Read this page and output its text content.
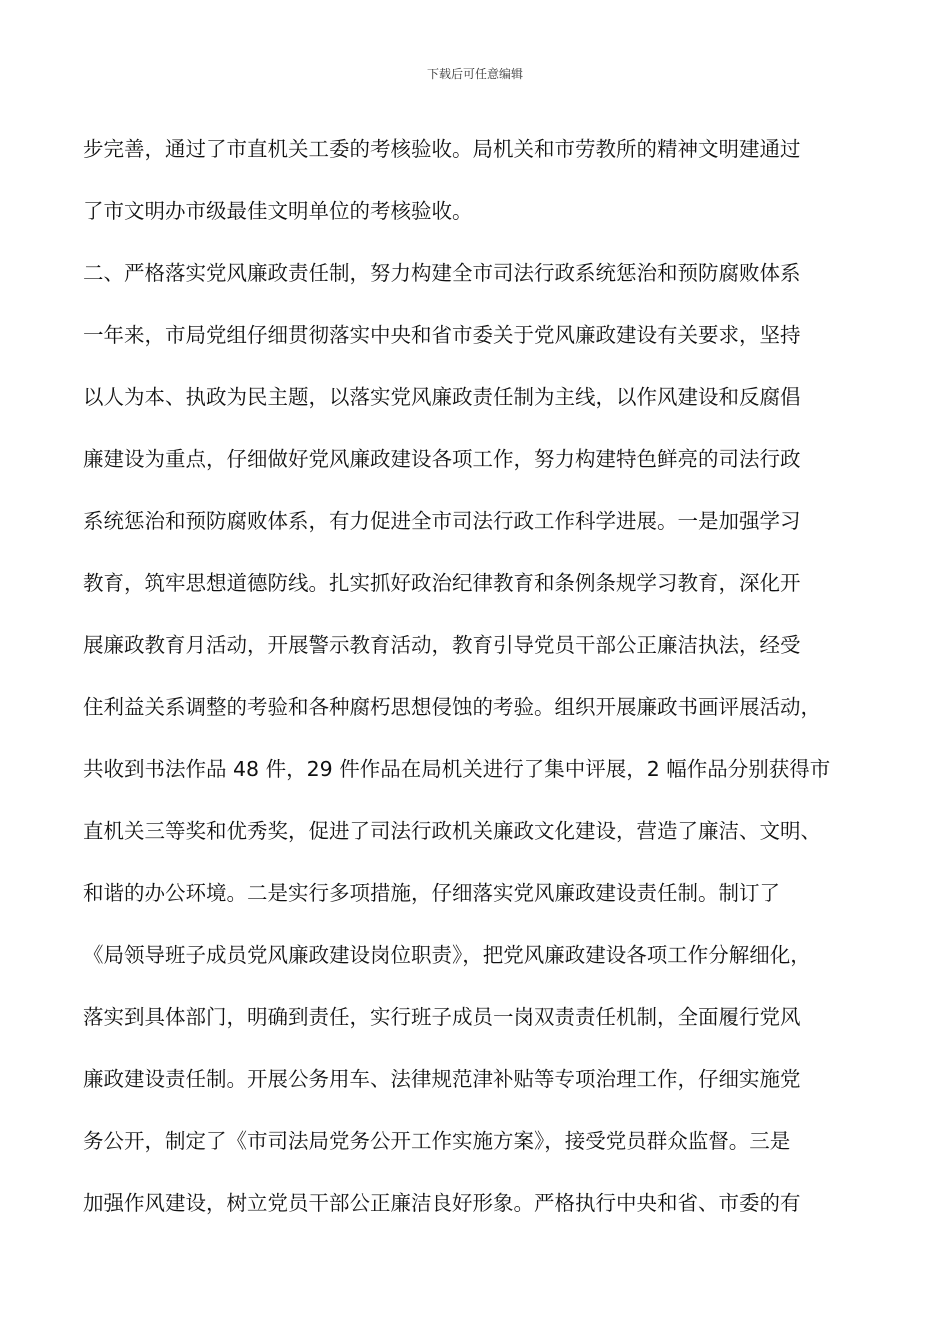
下载后可任意编辑
步完善，通过了市直机关工委的考核验收。局机关和市劳教所的精神文明建通过
了市文明办市级最佳文明单位的考核验收。
二、严格落实党风廉政责任制，努力构建全市司法行政系统惩治和预防腐败体系
一年来，市局党组仔细贯彻落实中央和省市委关于党风廉政建设有关要求，坚持
以人为本、执政为民主题，以落实党风廉政责任制为主线，以作风建设和反腐倡
廉建设为重点，仔细做好党风廉政建设各项工作，努力构建特色鲜亮的司法行政
系统惩治和预防腐败体系，有力促进全市司法行政工作科学进展。一是加强学习
教育，筑牢思想道德防线。扎实抓好政治纪律教育和条例条规学习教育，深化开
展廉政教育月活动，开展警示教育活动，教育引导党员干部公正廉洁执法，经受
住利益关系调整的考验和各种腐朽思想侵蚀的考验。组织开展廉政书画评展活动，
共收到书法作品 48 件，29 件作品在局机关进行了集中评展，2 幅作品分别获得市
直机关三等奖和优秀奖，促进了司法行政机关廉政文化建设，营造了廉洁、文明、
和谐的办公环境。二是实行多项措施，仔细落实党风廉政建设责任制。制订了
《局领导班子成员党风廉政建设岗位职责》，把党风廉政建设各项工作分解细化，
落实到具体部门，明确到责任，实行班子成员一岗双责责任机制，全面履行党风
廉政建设责任制。开展公务用车、法律规范津补贴等专项治理工作，仔细实施党
务公开，制定了《市司法局党务公开工作实施方案》，接受党员群众监督。三是
加强作风建设，树立党员干部公正廉洁良好形象。严格执行中央和省、市委的有
